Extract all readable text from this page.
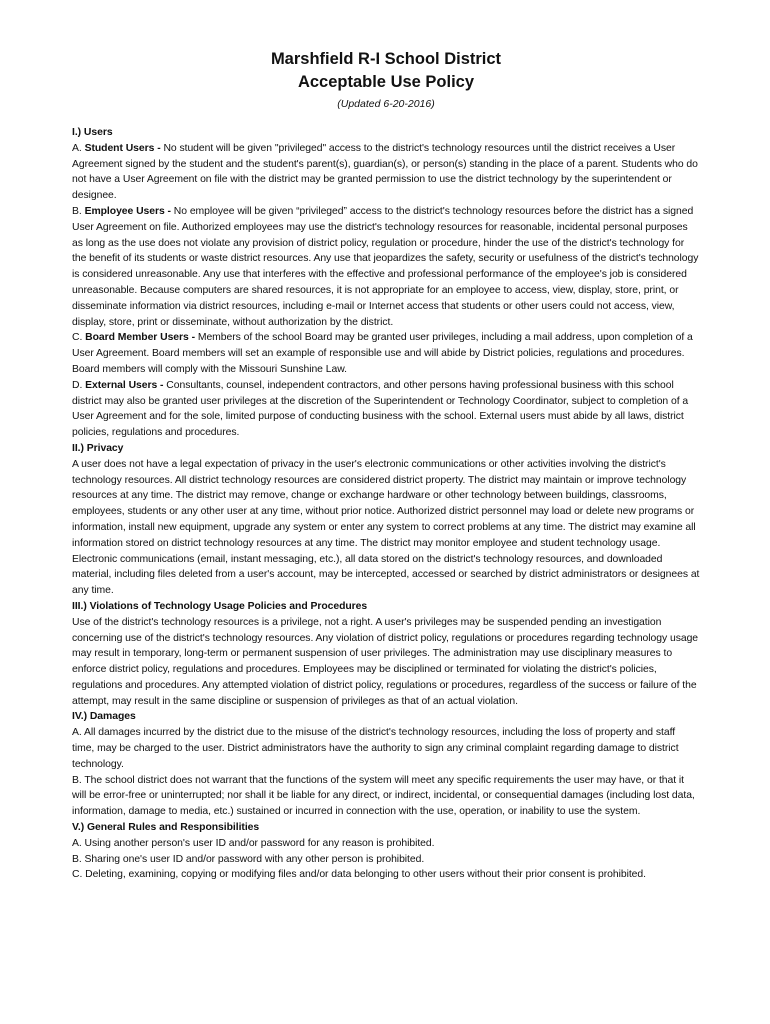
Marshfield R-I School District
Acceptable Use Policy
(Updated 6-20-2016)

I.) Users

A. Student Users - No student will be given "privileged" access to the district's technology resources until the district receives a User Agreement signed by the student and the student's parent(s), guardian(s), or person(s) standing in the place of a parent. Students who do not have a User Agreement on file with the district may be granted permission to use the district technology by the superintendent or designee.

B. Employee Users - No employee will be given “privileged” access to the district's technology resources before the district has a signed User Agreement on file. Authorized employees may use the district's technology resources for reasonable, incidental personal purposes as long as the use does not violate any provision of district policy, regulation or procedure, hinder the use of the district's technology for the benefit of its students or waste district resources. Any use that jeopardizes the safety, security or usefulness of the district's technology is considered unreasonable. Any use that interferes with the effective and professional performance of the employee's job is considered unreasonable. Because computers are shared resources, it is not appropriate for an employee to access, view, display, store, print, or disseminate information via district resources, including e-mail or Internet access that students or other users could not access, view, display, store, print or disseminate, without authorization by the district.

C. Board Member Users - Members of the school Board may be granted user privileges, including a mail address, upon completion of a User Agreement. Board members will set an example of responsible use and will abide by District policies, regulations and procedures. Board members will comply with the Missouri Sunshine Law.

D. External Users - Consultants, counsel, independent contractors, and other persons having professional business with this school district may also be granted user privileges at the discretion of the Superintendent or Technology Coordinator, subject to completion of a User Agreement and for the sole, limited purpose of conducting business with the school. External users must abide by all laws, district policies, regulations and procedures.

II.) Privacy

A user does not have a legal expectation of privacy in the user's electronic communications or other activities involving the district's technology resources. All district technology resources are considered district property. The district may maintain or improve technology resources at any time. The district may remove, change or exchange hardware or other technology between buildings, classrooms, employees, students or any other user at any time, without prior notice. Authorized district personnel may load or delete new programs or information, install new equipment, upgrade any system or enter any system to correct problems at any time. The district may examine all information stored on district technology resources at any time. The district may monitor employee and student technology usage. Electronic communications (email, instant messaging, etc.), all data stored on the district's technology resources, and downloaded material, including files deleted from a user's account, may be intercepted, accessed or searched by district administrators or designees at any time.

III.) Violations of Technology Usage Policies and Procedures

Use of the district's technology resources is a privilege, not a right. A user's privileges may be suspended pending an investigation concerning use of the district's technology resources. Any violation of district policy, regulations or procedures regarding technology usage may result in temporary, long-term or permanent suspension of user privileges. The administration may use disciplinary measures to enforce district policy, regulations and procedures. Employees may be disciplined or terminated for violating the district's policies, regulations and procedures. Any attempted violation of district policy, regulations or procedures, regardless of the success or failure of the attempt, may result in the same discipline or suspension of privileges as that of an actual violation.

IV.) Damages

A. All damages incurred by the district due to the misuse of the district's technology resources, including the loss of property and staff time, may be charged to the user. District administrators have the authority to sign any criminal complaint regarding damage to district technology.

B. The school district does not warrant that the functions of the system will meet any specific requirements the user may have, or that it will be error-free or uninterrupted; nor shall it be liable for any direct, or indirect, incidental, or consequential damages (including lost data, information, damage to media, etc.) sustained or incurred in connection with the use, operation, or inability to use the system.

V.) General Rules and Responsibilities

A. Using another person's user ID and/or password for any reason is prohibited.

B. Sharing one's user ID and/or password with any other person is prohibited.

C. Deleting, examining, copying or modifying files and/or data belonging to other users without their prior consent is prohibited.
